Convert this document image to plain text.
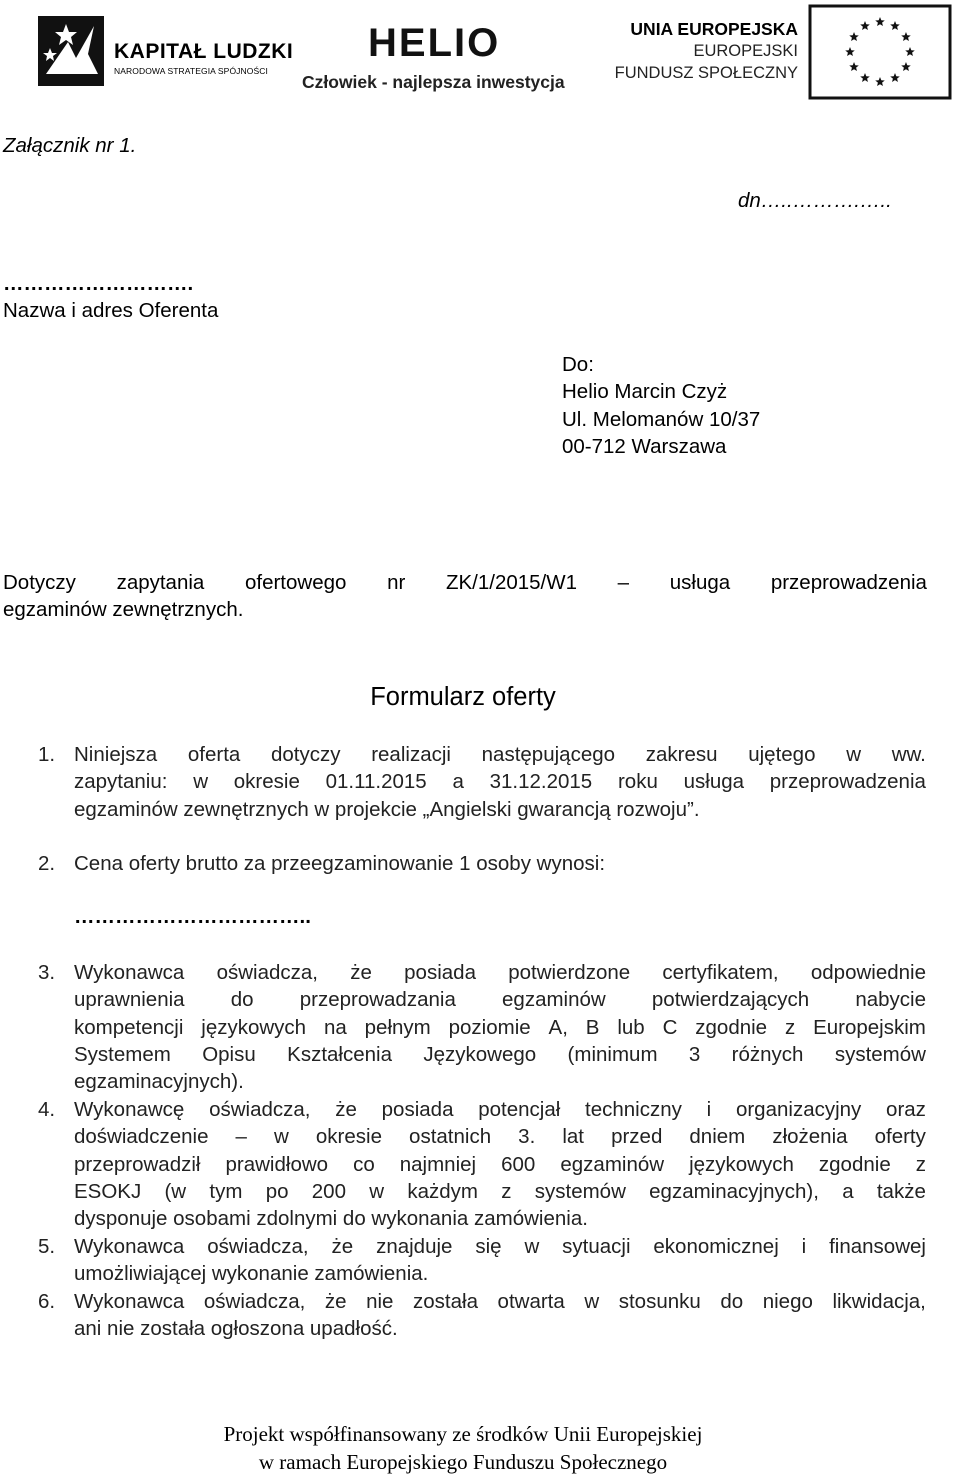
KAPITAŁ LUDZKI
NARODOWA STRATEGIA SPÓJNOŚCI
HELIO
Człowiek - najlepsza inwestycja
UNIA EUROPEJSKA
EUROPEJSKI
FUNDUSZ SPOŁECZNY
Załącznik nr 1.
dn…..……….…..
……………………….
Nazwa i adres Oferenta
Do:
Helio Marcin Czyż
Ul. Melomanów 10/37
00-712 Warszawa
Dotyczy zapytania ofertowego nr ZK/1/2015/W1 – usługa przeprowadzenia
egzaminów zewnętrznych.
Formularz oferty
1. Niniejsza oferta dotyczy realizacji następującego zakresu ujętego w ww.
zapytaniu: w okresie 01.11.2015 a 31.12.2015 roku usługa przeprowadzenia
egzaminów zewnętrznych w projekcie „Angielski gwarancją rozwoju”.
2. Cena oferty brutto za przeegzaminowanie 1 osoby wynosi:
3. Wykonawca oświadcza, że posiada potwierdzone certyfikatem, odpowiednie
uprawnienia do przeprowadzania egzaminów potwierdzających nabycie
kompetencji językowych na pełnym poziomie A, B lub C zgodnie z Europejskim
Systemem Opisu Kształcenia Językowego (minimum 3 różnych systemów
egzaminacyjnych).
4. Wykonawcę oświadcza, że posiada potencjał techniczny i organizacyjny oraz
doświadczenie – w okresie ostatnich 3. lat przed dniem złożenia oferty
przeprowadził prawidłowo co najmniej 600 egzaminów językowych zgodnie z
ESOKJ (w tym po 200 w każdym z systemów egzaminacyjnych), a także
dysponuje osobami zdolnymi do wykonania zamówienia.
5. Wykonawca oświadcza, że znajduje się w sytuacji ekonomicznej i finansowej
umożliwiającej wykonanie zamówienia.
6. Wykonawca oświadcza, że nie została otwarta w stosunku do niego likwidacja,
ani nie została ogłoszona upadłość.
……………………………..
Projekt współfinansowany ze środków Unii Europejskiej
w ramach Europejskiego Funduszu Społecznego
